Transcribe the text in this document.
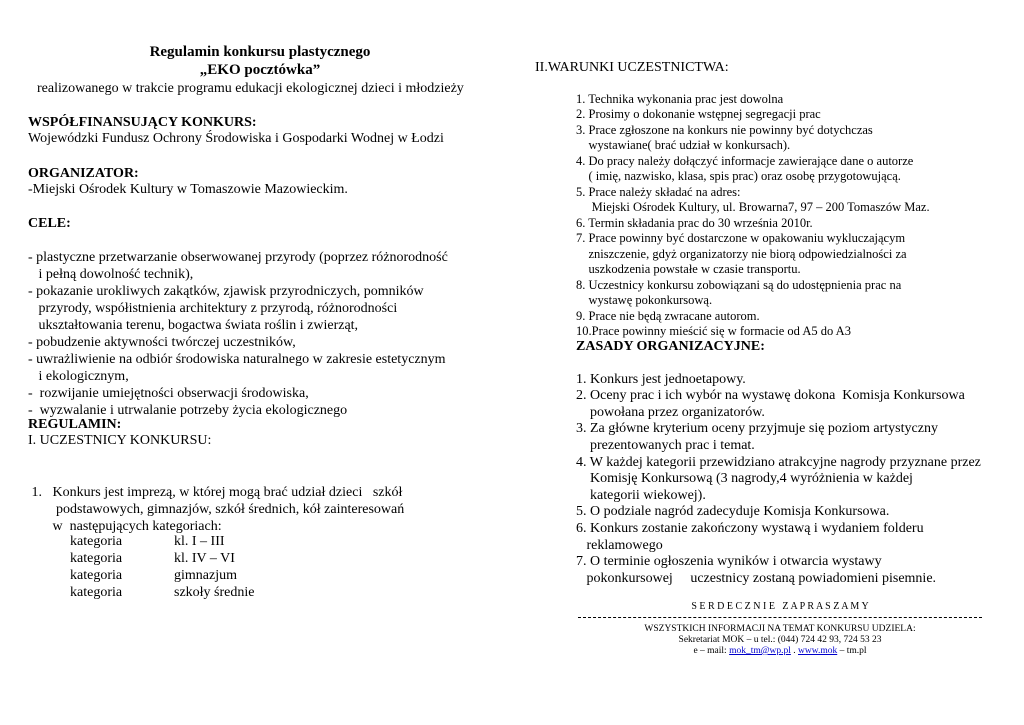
Regulamin konkursu plastycznego
„EKO pocztówka”
realizowanego w trakcie programu edukacji ekologicznej dzieci i młodzieży
WSPÓŁFINANSUJĄCY KONKURS:
Wojewódzki Fundusz Ochrony Środowiska i Gospodarki Wodnej w Łodzi
ORGANIZATOR:
-Miejski Ośrodek Kultury w Tomaszowie Mazowieckim.
CELE:

- plastyczne przetwarzanie obserwowanej przyrody (poprzez różnorodność
i pełną dowolność technik),
- pokazanie urokliwych zakątków, zjawisk przyrodniczych, pomników
przyrody, współistnienia architektury z przyrodą, różnorodności
ukształtowania terenu, bogactwa świata roślin i zwierząt,
- pobudzenie aktywności twórczej uczestników,
- uwrażliwienie na odbiór środowiska naturalnego w zakresie estetycznym
i ekologicznym,
-  rozwijanie umiejętności obserwacji środowiska,
-  wyzwalanie i utrwalanie potrzeby życia ekologicznego

REGULAMIN:
I. UCZESTNICY KONKURSU:

1.   Konkurs jest imprezą, w której mogą brać udział dzieci   szkół
podstawowych, gimnazjów, szkół średnich, kół zainteresowań
w  następujących kategoriach:

kategoria	kl. I – III
kategoria	kl. IV – VI
kategoria	gimnazjum
kategoria	szkoły średnie
II.WARUNKI UCZESTNICTWA:

1. Technika wykonania prac jest dowolna
2. Prosimy o dokonanie wstępnej segregacji prac
3. Prace zgłoszone na konkurs nie powinny być dotychczas
wystawiane( brać udział w konkursach).
4. Do pracy należy dołączyć informacje zawierające dane o autorze
( imię, nazwisko, klasa, spis prac) oraz osobę przygotowującą.
5. Prace należy składać na adres:
Miejski Ośrodek Kultury, ul. Browarna7, 97 – 200 Tomaszów Maz.
6. Termin składania prac do 30 września 2010r.
7. Prace powinny być dostarczone w opakowaniu wykluczającym
zniszczenie, gdyż organizatorzy nie biorą odpowiedzialności za
uszkodzenia powstałe w czasie transportu.
8. Uczestnicy konkursu zobowiązani są do udostępnienia prac na
wystawę pokonkursową.
9. Prace nie będą zwracane autorom.
10.Prace powinny mieścić się w formacie od A5 do A3

ZASADY ORGANIZACYJNE:

1. Konkurs jest jednoetapowy.
2. Oceny prac i ich wybór na wystawę dokona  Komisja Konkursowa
powołana przez organizatorów.
3. Za główne kryterium oceny przyjmuje się poziom artystyczny
prezentowanych prac i temat.
4. W każdej kategorii przewidziano atrakcyjne nagrody przyznane przez
Komisję Konkursową (3 nagrody,4 wyróżnienia w każdej
kategorii wiekowej).
5. O podziale nagród zadecyduje Komisja Konkursowa.
6. Konkurs zostanie zakończony wystawą i wydaniem folderu
reklamowego
7. O terminie ogłoszenia wyników i otwarcia wystawy
pokonkursowej     uczestnicy zostaną powiadomieni pisemnie.

S E R D E C Z N I E   Z A P R A S Z A M Y
WSZYSTKICH INFORMACJI NA TEMAT KONKURSU UDZIELA:
Sekretariat MOK – u tel.: (044) 724 42 93, 724 53 23
e – mail: mok_tm@wp.pl . www.mok – tm.pl
